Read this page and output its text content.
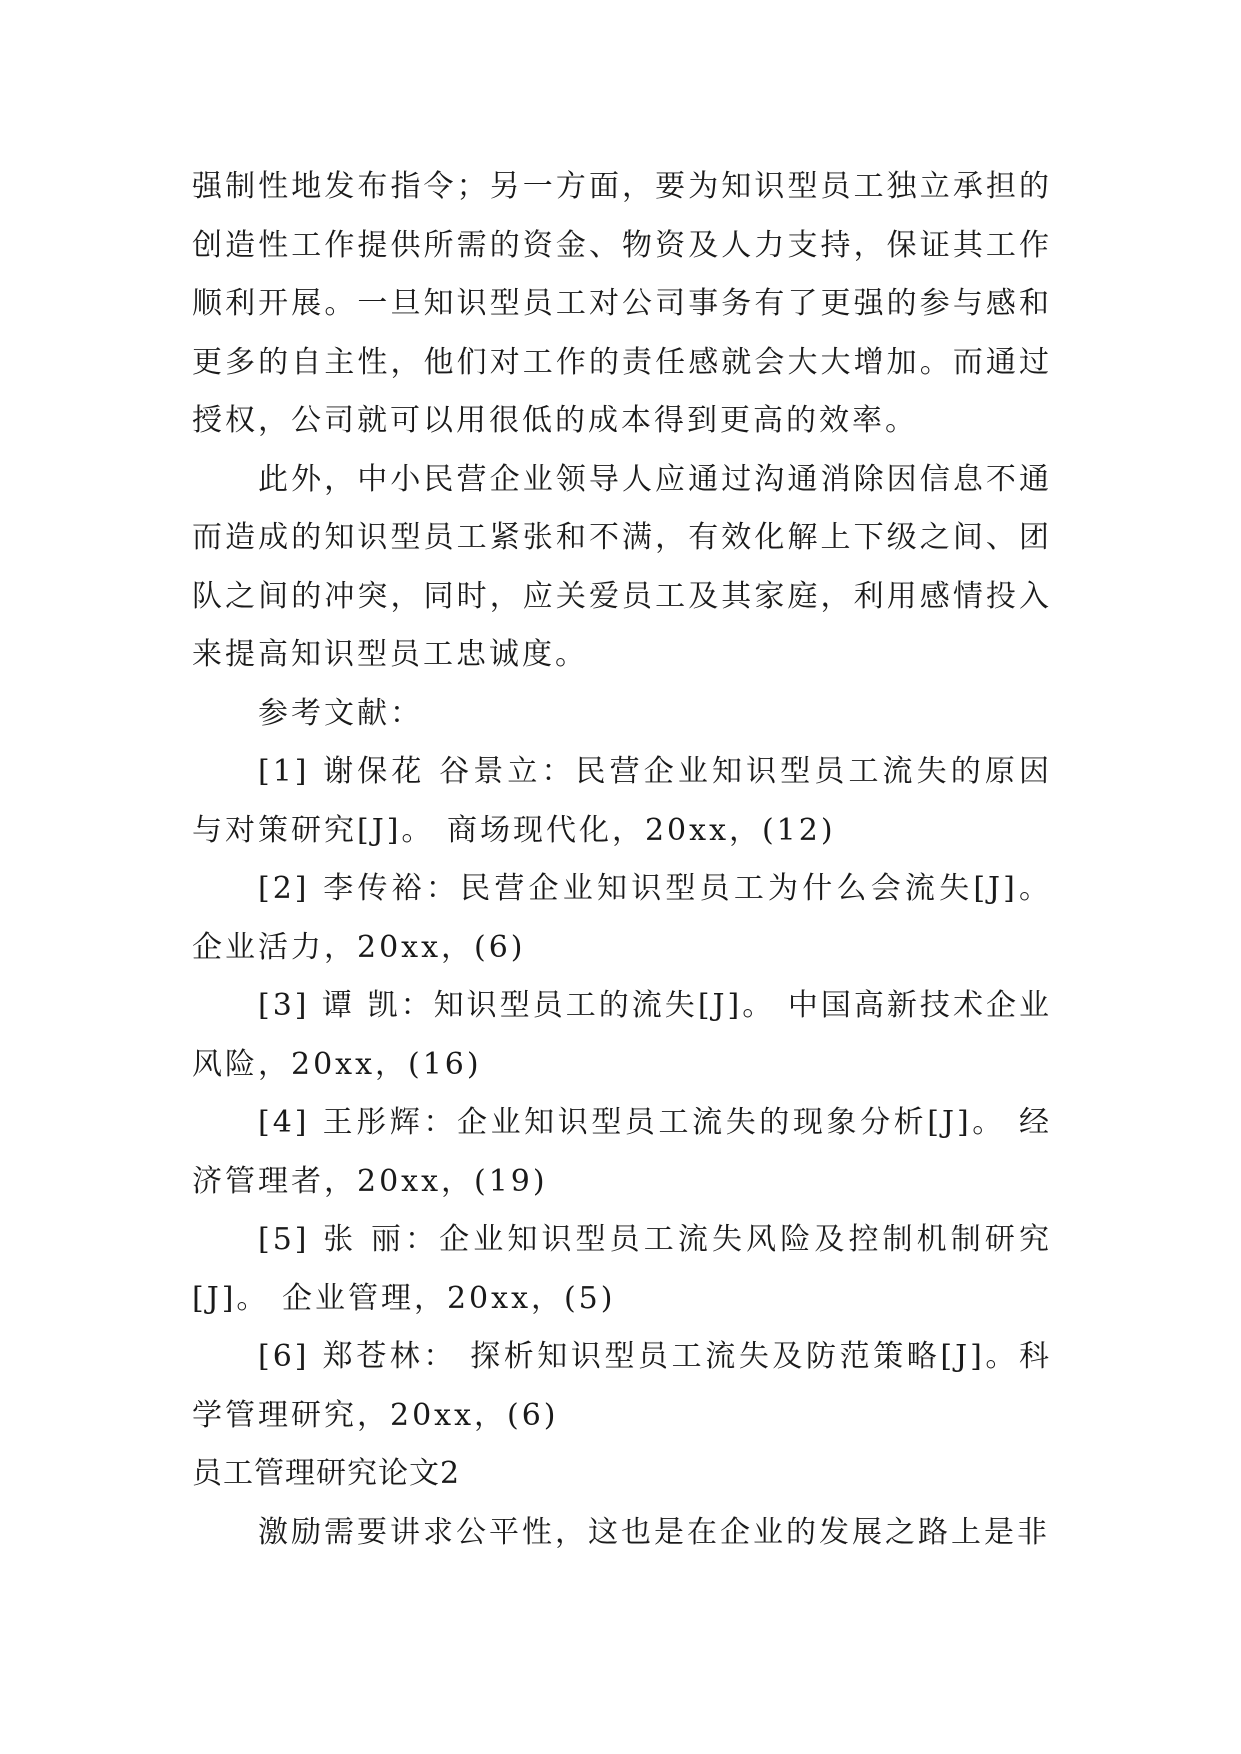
强制性地发布指令；另一方面，要为知识型员工独立承担的创造性工作提供所需的资金、物资及人力支持，保证其工作顺利开展。一旦知识型员工对公司事务有了更强的参与感和更多的自主性，他们对工作的责任感就会大大增加。而通过授权，公司就可以用很低的成本得到更高的效率。

此外，中小民营企业领导人应通过沟通消除因信息不通而造成的知识型员工紧张和不满，有效化解上下级之间、团队之间的冲突，同时，应关爱员工及其家庭，利用感情投入来提高知识型员工忠诚度。

参考文献：

[1] 谢保花 谷景立：民营企业知识型员工流失的原因与对策研究[J]。 商场现代化，20xx，(12)

[2] 李传裕：民营企业知识型员工为什么会流失[J]。企业活力，20xx，(6)

[3] 谭 凯：知识型员工的流失[J]。 中国高新技术企业风险，20xx，(16)

[4] 王彤辉：企业知识型员工流失的现象分析[J]。 经济管理者，20xx，(19)

[5] 张 丽：企业知识型员工流失风险及控制机制研究[J]。 企业管理，20xx，(5)

[6] 郑苍林： 探析知识型员工流失及防范策略[J]。科学管理研究，20xx，(6)

员工管理研究论文2

激励需要讲求公平性，这也是在企业的发展之路上是非
